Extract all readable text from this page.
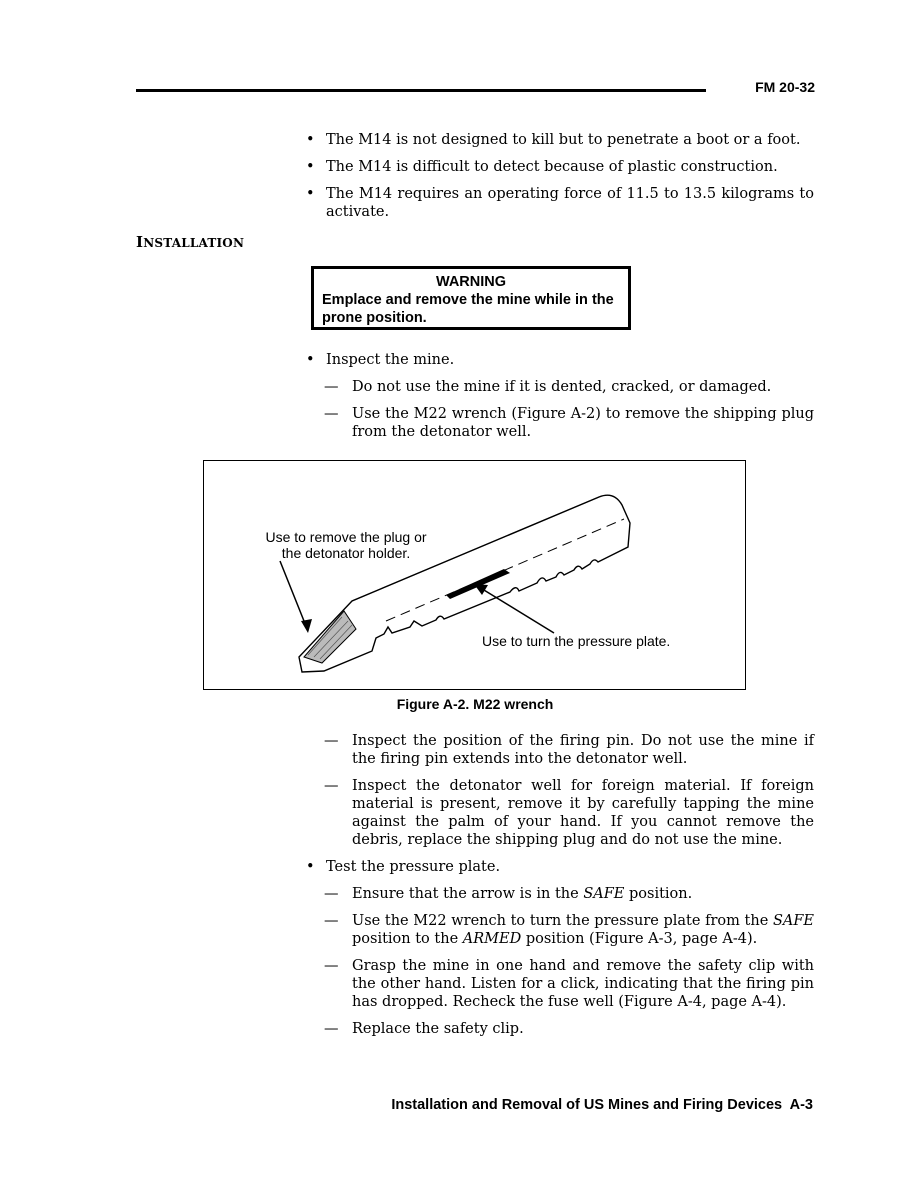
FM 20-32
• The M14 is not designed to kill but to penetrate a boot or a foot.
• The M14 is difficult to detect because of plastic construction.
• The M14 requires an operating force of 11.5 to 13.5 kilograms to activate.
INSTALLATION
WARNING
Emplace and remove the mine while in the prone position.
• Inspect the mine.
— Do not use the mine if it is dented, cracked, or damaged.
— Use the M22 wrench (Figure A-2) to remove the shipping plug from the detonator well.
Use to remove the plug or the detonator holder.
Use to turn the pressure plate.
Figure A-2. M22 wrench
— Inspect the position of the firing pin. Do not use the mine if the firing pin extends into the detonator well.
— Inspect the detonator well for foreign material. If foreign material is present, remove it by carefully tapping the mine against the palm of your hand. If you cannot remove the debris, replace the shipping plug and do not use the mine.
• Test the pressure plate.
— Ensure that the arrow is in the SAFE position.
— Use the M22 wrench to turn the pressure plate from the SAFE position to the ARMED position (Figure A-3, page A-4).
— Grasp the mine in one hand and remove the safety clip with the other hand. Listen for a click, indicating that the firing pin has dropped. Recheck the fuse well (Figure A-4, page A-4).
— Replace the safety clip.
Installation and Removal of US Mines and Firing Devices  A-3
